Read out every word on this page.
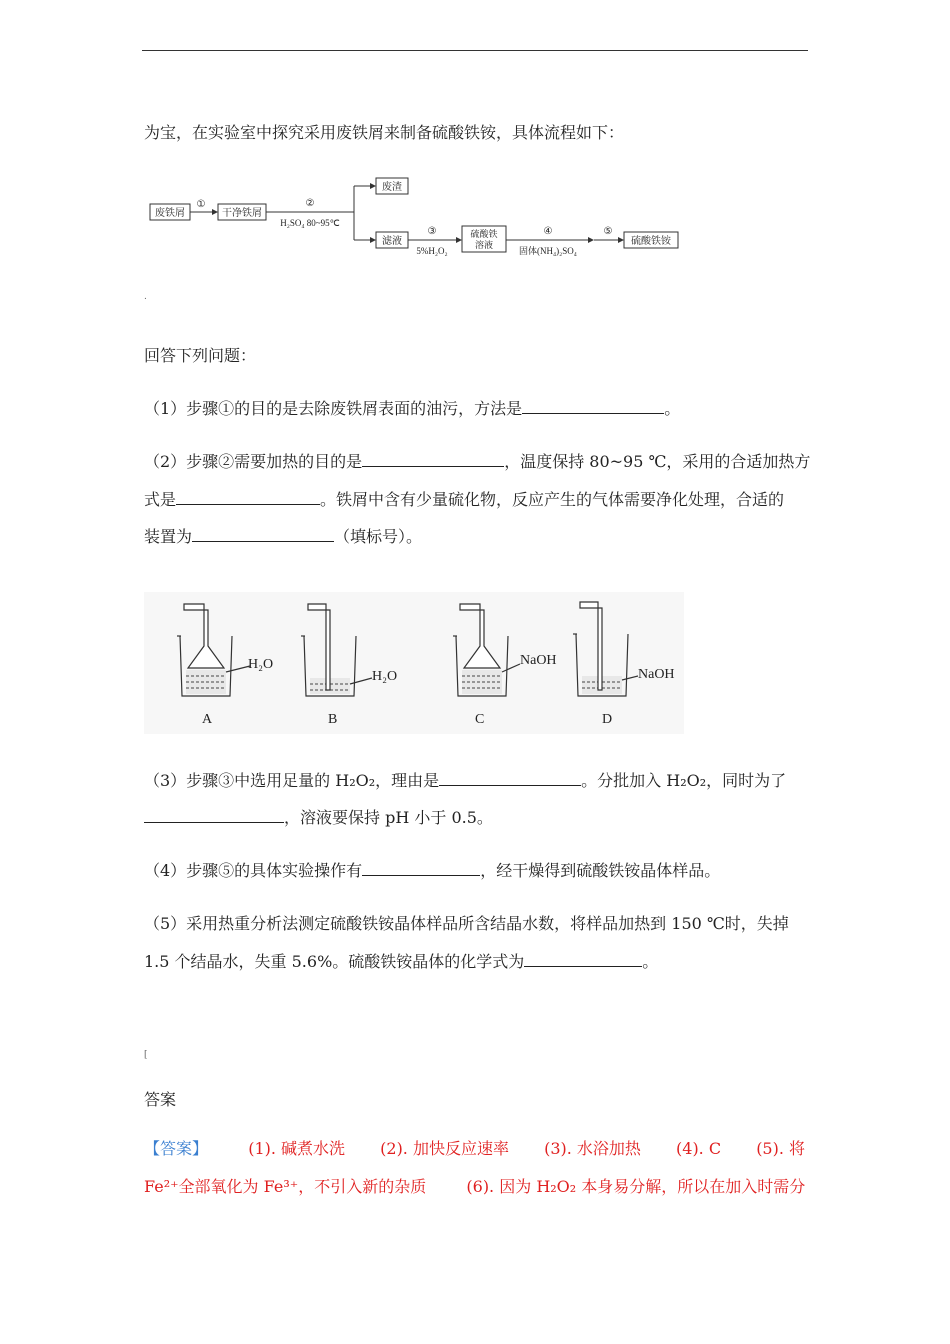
为宝，在实验室中探究采用废铁屑来制备硫酸铁铵，具体流程如下：
废铁屑
①
干净铁屑
②
H₂SO₄ 80~95℃
废渣
滤液
③
5%H₂O₂
硫酸铁
溶液
④
固体(NH₄)₂SO₄
⑤
硫酸铁铵
.
回答下列问题：
（1）步骤①的目的是去除废铁屑表面的油污，方法是	。
（2）步骤②需要加热的目的是	，温度保持 80~95 ℃，采用的合适加热方
式是	。铁屑中含有少量硫化物，反应产生的气体需要净化处理，合适的
装置为	（填标号）。
H₂O
H₂O
NaOH
NaOH
A	B	C	D
（3）步骤③中选用足量的 H₂O₂，理由是	。分批加入 H₂O₂，同时为了
，溶液要保持 pH 小于 0.5。
（4）步骤⑤的具体实验操作有	，经干燥得到硫酸铁铵晶体样品。
（5）采用热重分析法测定硫酸铁铵晶体样品所含结晶水数，将样品加热到 150 ℃时，失掉
1.5 个结晶水，失重 5.6%。硫酸铁铵晶体的化学式为	。
[
答案
【答案】	(1). 碱煮水洗 (2). 加快反应速率 (3). 水浴加热 (4). C (5). 将
Fe²⁺全部氧化为 Fe³⁺，不引入新的杂质	(6). 因为 H₂O₂ 本身易分解，所以在加入时需分
